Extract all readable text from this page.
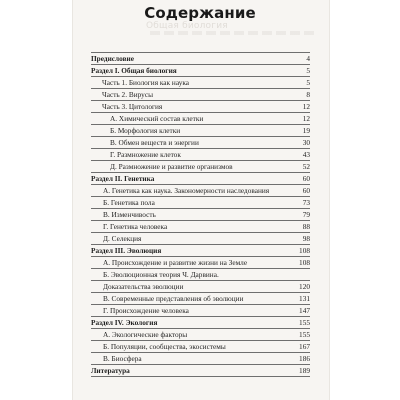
Общая биология
Содержание
Предисловие	4
Раздел I. Общая биология	5
Часть 1. Биология как наука	5
Часть 2. Вирусы	8
Часть 3. Цитология	12
А. Химический состав клетки	12
Б. Морфология клетки	19
В. Обмен веществ и энергии	30
Г. Размножение клеток	43
Д. Размножение и развитие организмов	52
Раздел II. Генетика	60
А. Генетика как наука. Закономерности наследования	60
Б. Генетика пола	73
В. Изменчивость	79
Г. Генетика человека	88
Д. Селекция	98
Раздел III. Эволюция	108
А. Происхождение и развитие жизни на Земле	108
Б. Эволюционная теория Ч. Дарвина.
Доказательства эволюции	120
В. Современные представления об эволюции	131
Г. Происхождение человека	147
Раздел IV. Экология	155
А. Экологические факторы	155
Б. Популяции, сообщества, экосистемы	167
В. Биосфера	186
Литература	189
